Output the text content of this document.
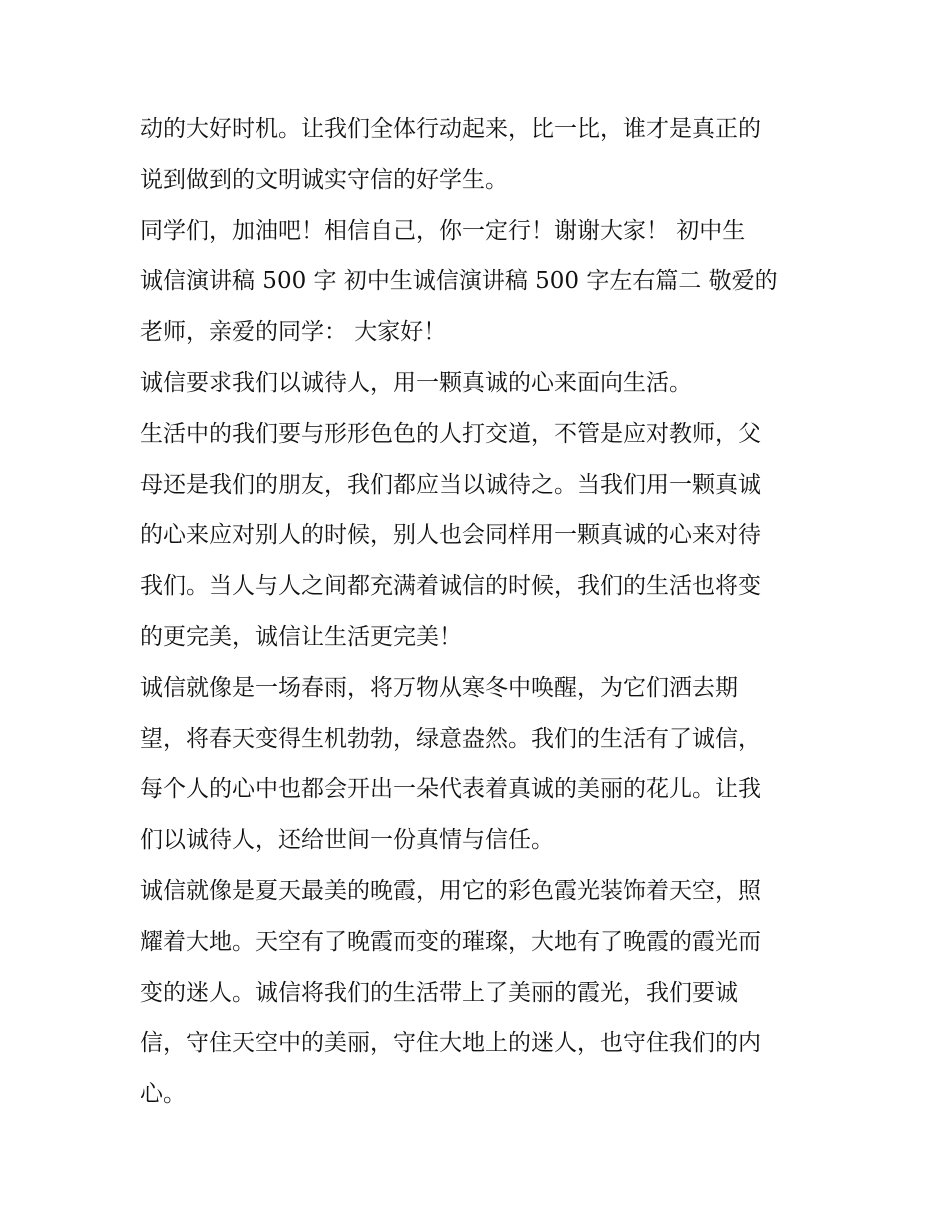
动的大好时机。让我们全体行动起来，比一比，谁才是真正的
说到做到的文明诚实守信的好学生。
同学们，加油吧！相信自己，你一定行！谢谢大家！ 初中生
诚信演讲稿 500 字 初中生诚信演讲稿 500 字左右篇二 敬爱的
老师，亲爱的同学： 大家好！
诚信要求我们以诚待人，用一颗真诚的心来面向生活。
生活中的我们要与形形色色的人打交道，不管是应对教师，父
母还是我们的朋友，我们都应当以诚待之。当我们用一颗真诚
的心来应对别人的时候，别人也会同样用一颗真诚的心来对待
我们。当人与人之间都充满着诚信的时候，我们的生活也将变
的更完美，诚信让生活更完美！
诚信就像是一场春雨，将万物从寒冬中唤醒，为它们洒去期
望，将春天变得生机勃勃，绿意盎然。我们的生活有了诚信，
每个人的心中也都会开出一朵代表着真诚的美丽的花儿。让我
们以诚待人，还给世间一份真情与信任。
诚信就像是夏天最美的晚霞，用它的彩色霞光装饰着天空，照
耀着大地。天空有了晚霞而变的璀璨，大地有了晚霞的霞光而
变的迷人。诚信将我们的生活带上了美丽的霞光，我们要诚
信，守住天空中的美丽，守住大地上的迷人，也守住我们的内
心。
